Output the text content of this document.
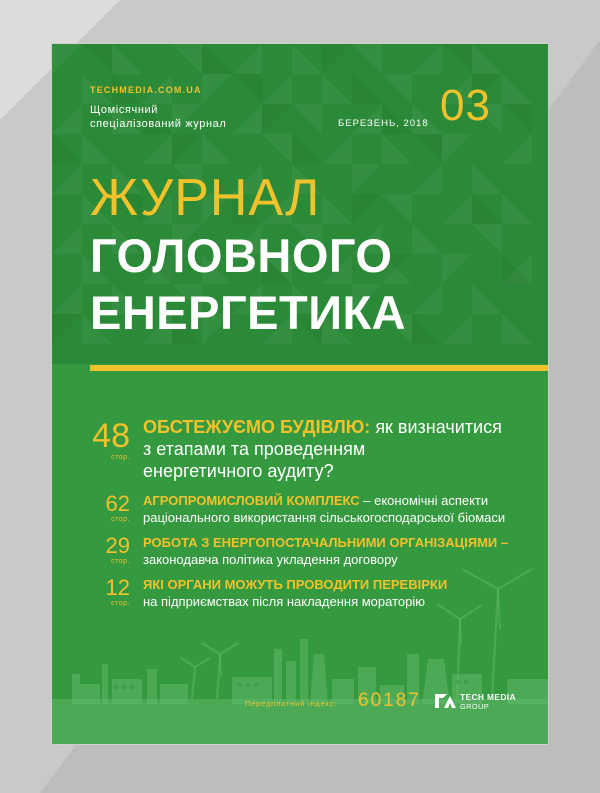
TECHMEDIA.COM.UA
Щомісячний
спеціалізований журнал	БЕРЕЗЕНЬ, 2018 03
ЖУРНАЛ
ГОЛОВНОГО
ЕНЕРГЕТИКА
48
стор.
ОБСТЕЖУЄМО БУДІВЛЮ: як визначитися
з етапами та проведенням
енергетичного аудиту?
62
стор.
АГРОПРОМИСЛОВИЙ КОМПЛЕКС – економічні аспекти
раціонального використання сільськогосподарської біомаси
29
стор.
РОБОТА З ЕНЕРГОПОСТАЧАЛЬНИМИ ОРГАНІЗАЦІЯМИ –
законодавча політика укладення договору
12
стор.
ЯКІ ОРГАНИ МОЖУТЬ ПРОВОДИТИ ПЕРЕВІРКИ
на підприємствах після накладення мораторію
Передплатний індекс: 60187	TECH MEDIA
GROUP
